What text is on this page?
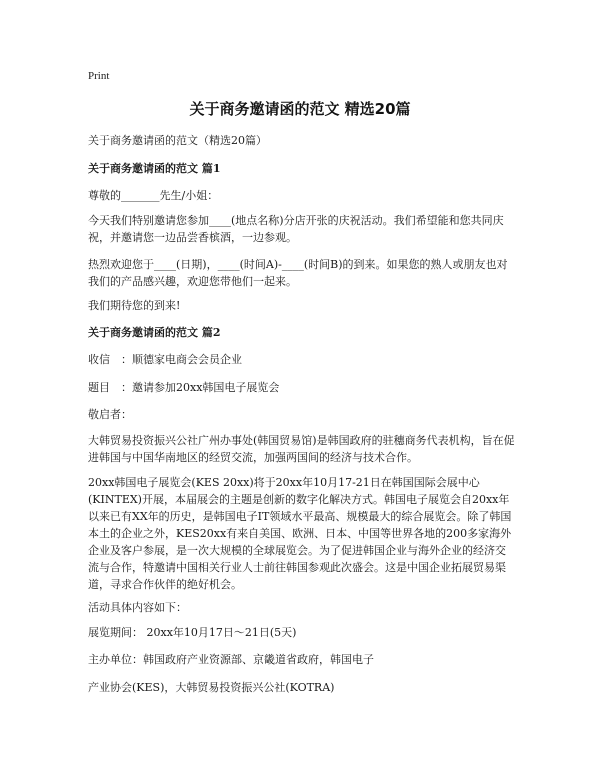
Print
关于商务邀请函的范文 精选20篇
关于商务邀请函的范文（精选20篇）
关于商务邀请函的范文 篇1
尊敬的_______先生/小姐：
今天我们特别邀请您参加____(地点名称)分店开张的庆祝活动。我们希望能和您共同庆祝，并邀请您一边品尝香槟酒，一边参观。
热烈欢迎您于____(日期)，____(时间A)-____(时间B)的到来。如果您的熟人或朋友也对我们的产品感兴趣，欢迎您带他们一起来。
我们期待您的到来!
关于商务邀请函的范文 篇2
收信　：顺德家电商会会员企业
题目　：邀请参加20xx韩国电子展览会
敬启者：
大韩贸易投资振兴公社广州办事处(韩国贸易馆)是韩国政府的驻穗商务代表机构，旨在促进韩国与中国华南地区的经贸交流，加强两国间的经济与技术合作。
20xx韩国电子展览会(KES 20xx)将于20xx年10月17-21日在韩国国际会展中心(KINTEX)开展，本届展会的主题是创新的数字化解决方式。韩国电子展览会自20xx年以来已有XX年的历史，是韩国电子IT领域水平最高、规模最大的综合展览会。除了韩国本土的企业之外，KES20xx有来自美国、欧洲、日本、中国等世界各地的200多家海外企业及客户参展，是一次大规模的全球展览会。为了促进韩国企业与海外企业的经济交流与合作，特邀请中国相关行业人士前往韩国参观此次盛会。这是中国企业拓展贸易渠道，寻求合作伙伴的绝好机会。
活动具体内容如下：
展览期间： 20xx年10月17日～21日(5天)
主办单位：韩国政府产业资源部、京畿道省政府，韩国电子
产业协会(KES)，大韩贸易投资振兴公社(KOTRA)
